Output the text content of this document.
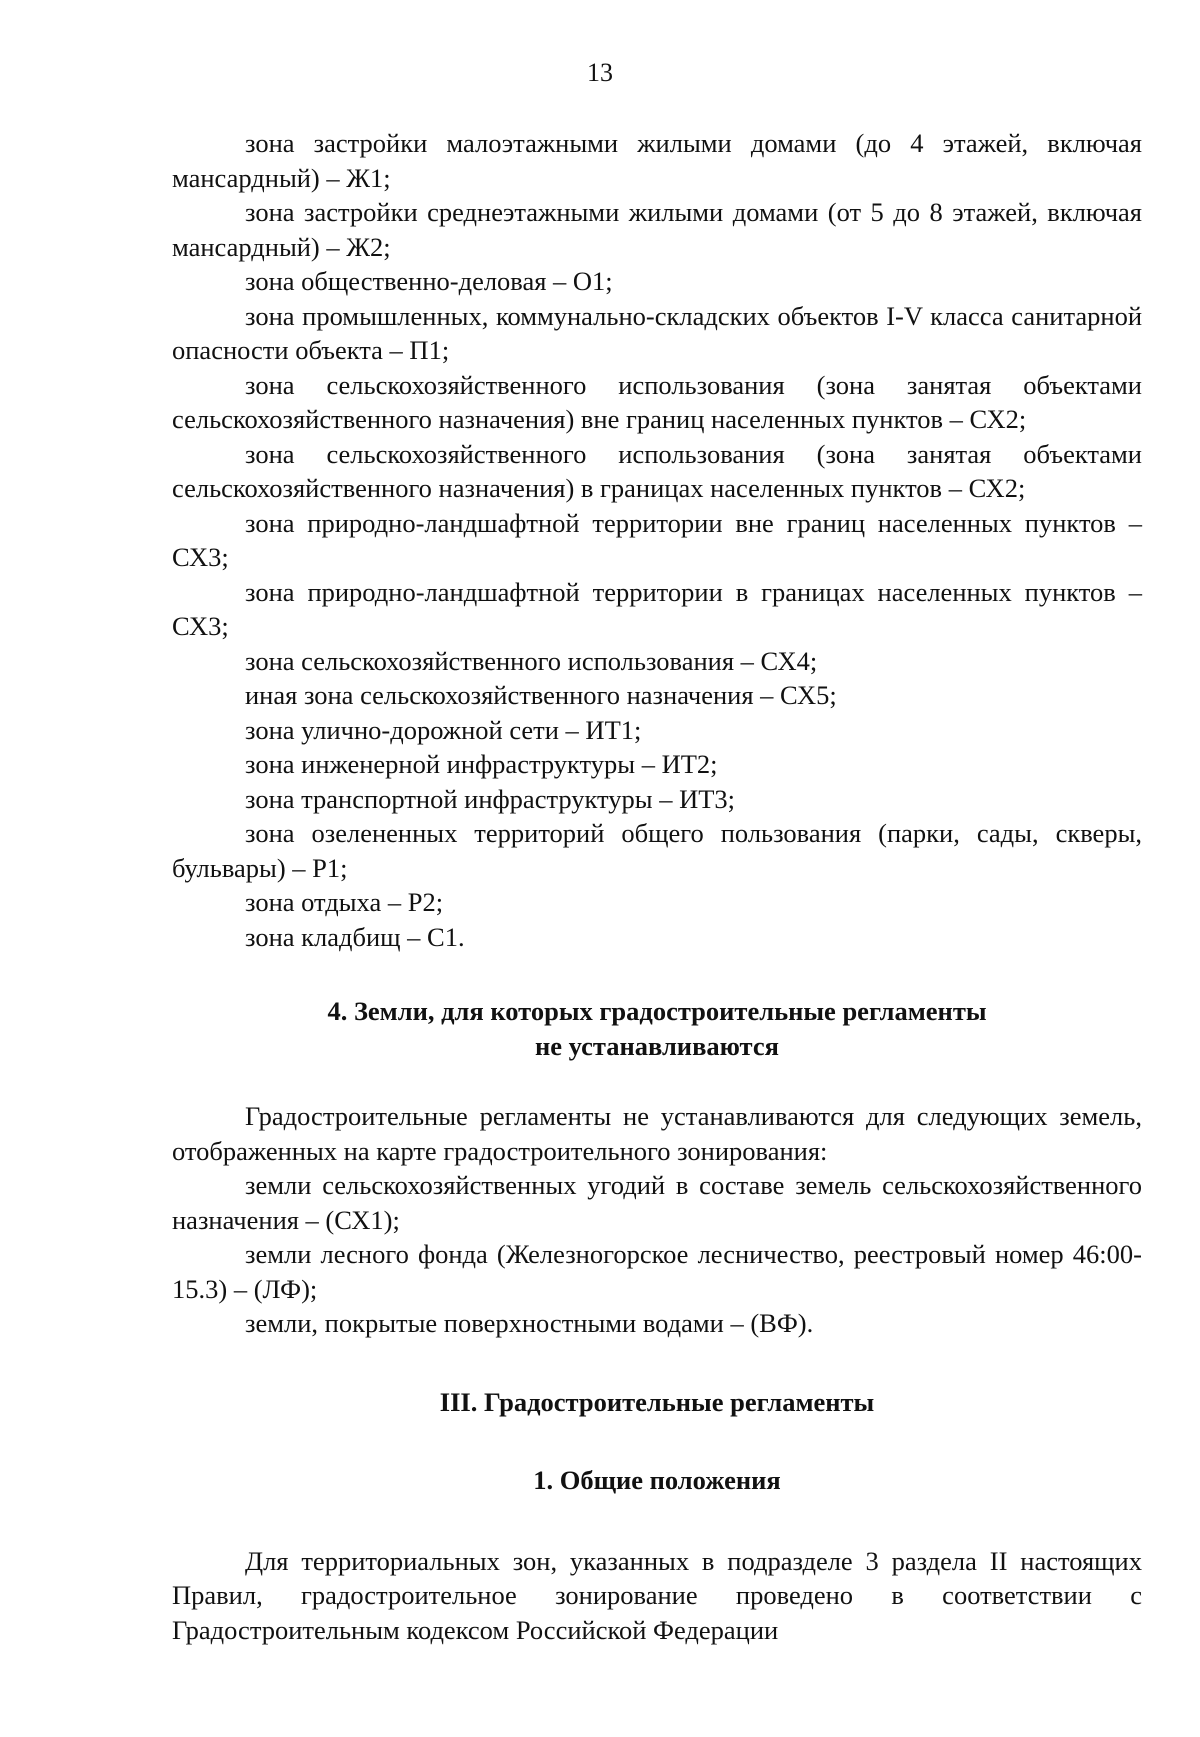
13

зона застройки малоэтажными жилыми домами (до 4 этажей, включая мансардный) – Ж1;

зона застройки среднеэтажными жилыми домами (от 5 до 8 этажей, включая мансардный) – Ж2;

зона общественно-деловая – О1;

зона промышленных, коммунально-складских объектов I-V класса санитарной опасности объекта – П1;

зона сельскохозяйственного использования (зона занятая объектами сельскохозяйственного назначения) вне границ населенных пунктов – СХ2;

зона сельскохозяйственного использования (зона занятая объектами сельскохозяйственного назначения) в границах населенных пунктов – СХ2;

зона природно-ландшафтной территории вне границ населенных пунктов – СХ3;

зона природно-ландшафтной территории в границах населенных пунктов – СХ3;

зона сельскохозяйственного использования – СХ4;

иная зона сельскохозяйственного назначения – СХ5;

зона улично-дорожной сети – ИТ1;

зона инженерной инфраструктуры – ИТ2;

зона транспортной инфраструктуры – ИТ3;

зона озелененных территорий общего пользования (парки, сады, скверы, бульвары) – Р1;

зона отдыха – Р2;

зона кладбищ – С1.

4. Земли, для которых градостроительные регламенты

не устанавливаются

Градостроительные регламенты не устанавливаются для следующих земель, отображенных на карте градостроительного зонирования:

земли сельскохозяйственных угодий в составе земель сельскохозяйственного назначения – (СХ1);

земли лесного фонда (Железногорское лесничество, реестровый номер 46:00-15.3) – (ЛФ);

земли, покрытые поверхностными водами – (ВФ).

III. Градостроительные регламенты

1. Общие положения

Для территориальных зон, указанных в подразделе 3 раздела II настоящих Правил, градостроительное зонирование проведено в соответствии с Градостроительным кодексом Российской Федерации
